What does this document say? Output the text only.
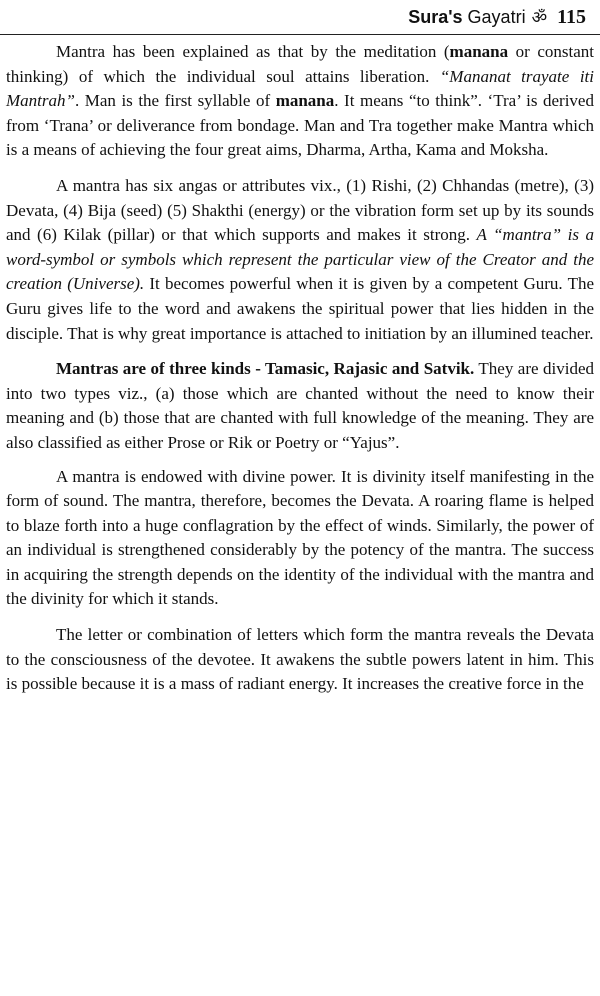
Sura's Gayatri ॐ 115

Mantra has been explained as that by the meditation (manana or constant thinking) of which the individual soul attains liberation. “Mananat trayate iti Mantrah”. Man is the first syllable of manana. It means “to think”. ‘Tra’ is derived from ‘Trana’ or deliverance from bondage. Man and Tra together make Mantra which is a means of achieving the four great aims, Dharma, Artha, Kama and Moksha.

A mantra has six angas or attributes vix., (1) Rishi, (2) Chhandas (metre), (3) Devata, (4) Bija (seed) (5) Shakthi (energy) or the vibration form set up by its sounds and (6) Kilak (pillar) or that which supports and makes it strong. A “mantra” is a word-symbol or symbols which represent the particular view of the Creator and the creation (Universe). It becomes powerful when it is given by a competent Guru. The Guru gives life to the word and awakens the spiritual power that lies hidden in the disciple. That is why great importance is attached to initiation by an illumined teacher.

Mantras are of three kinds - Tamasic, Rajasic and Satvik. They are divided into two types viz., (a) those which are chanted without the need to know their meaning and (b) those that are chanted with full knowledge of the meaning. They are also classified as either Prose or Rik or Poetry or “Yajus”.

A mantra is endowed with divine power. It is divinity itself manifesting in the form of sound. The mantra, therefore, becomes the Devata. A roaring flame is helped to blaze forth into a huge conflagration by the effect of winds. Similarly, the power of an individual is strengthened considerably by the potency of the mantra. The success in acquiring the strength depends on the identity of the individual with the mantra and the divinity for which it stands.

The letter or combination of letters which form the mantra reveals the Devata to the consciousness of the devotee. It awakens the subtle powers latent in him. This is possible because it is a mass of radiant energy. It increases the creative force in the
